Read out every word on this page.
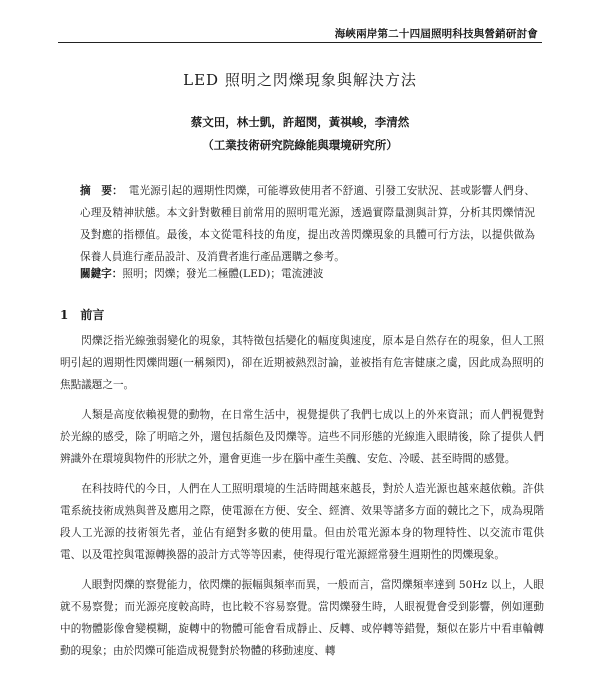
海峽兩岸第二十四屆照明科技與營銷研討會
LED 照明之閃爍現象與解決方法
蔡文田，林士凱，許超閔，黃祺峻，李清然
（工業技術研究院綠能與環境研究所）

摘　要： 電光源引起的週期性閃爍，可能導致使用者不舒適、引發工安狀況、甚或影響人們身、心理及精神狀態。本文針對數種目前常用的照明電光源，透過實際量測與計算，分析其閃爍情況及對應的指標值。最後，本文從電科技的角度，提出改善閃爍現象的具體可行方法，以提供做為保養人員進行產品設計、及消費者進行產品選購之參考。

關鍵字：照明；閃爍；發光二極體(LED)；電流漣波

1 前言

閃爍泛指光線強弱變化的現象，其特徵包括變化的幅度與速度，原本是自然存在的現象，但人工照明引起的週期性閃爍問題(一稱頻閃)，卻在近期被熱烈討論，並被指有危害健康之虞，因此成為照明的焦點議題之一。

人類是高度依賴視覺的動物，在日常生活中，視覺提供了我們七成以上的外來資訊；而人們視覺對於光線的感受，除了明暗之外，還包括顏色及閃爍等。這些不同形態的光線進入眼睛後，除了提供人們辨識外在環境與物件的形狀之外，還會更進一步在腦中產生美醜、安危、冷暖、甚至時間的感覺。

在科技時代的今日，人們在人工照明環境的生活時間越來越長，對於人造光源也越來越依賴。許供電系統技術成熟與普及應用之際，使電源在方便、安全、經濟、效果等諸多方面的競比之下，成為現階段人工光源的技術領先者，並佔有絕對多數的使用量。但由於電光源本身的物理特性、以交流市電供電、以及電控與電源轉換器的設計方式等等因素，使得現行電光源經常發生週期性的閃爍現象。

人眼對閃爍的察覺能力，依閃爍的振幅與頻率而異，一般而言，當閃爍頻率達到 50Hz 以上，人眼就不易察覺；而光源亮度較高時，也比較不容易察覺。當閃爍發生時，人眼視覺會受到影響，例如運動中的物體影像會變模糊，旋轉中的物體可能會看成靜止、反轉、或停轉等錯覺，類似在影片中看車輪轉動的現象；由於閃爍可能造成視覺對於物體的移動速度、轉
